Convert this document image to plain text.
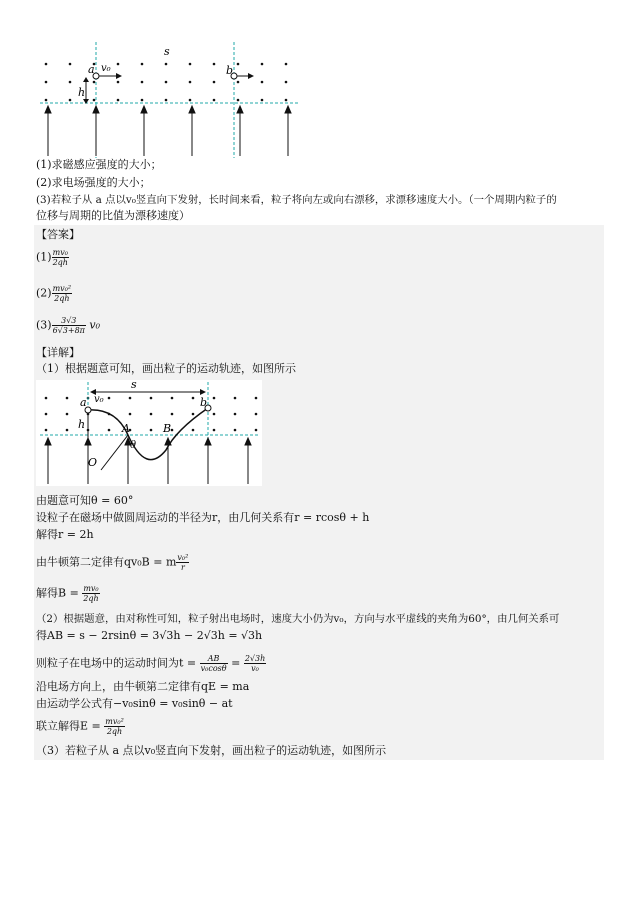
s
a v₀	b
h
(1)求磁感应强度的大小；
(2)求电场强度的大小；
(3)若粒子从 a 点以v₀竖直向下发射，长时间来看，粒子将向左或向右漂移，求漂移速度大小。（一个周期内粒子的
位移与周期的比值为漂移速度）
【答案】
$(1) \frac{\text{mv₀}}{2qh}$
$(2) \frac{\text{mv₀²}}{2qh}$
$(3) \frac{3√3}{6√3+8\pi} v_0$
【详解】
（1）根据题意可知，画出粒子的运动轨迹，如图所示
s
a v₀	b
h	A	B
θ
O
由题意可知θ = 60°
设粒子在磁场中做圆周运动的半径为r，由几何关系有r = rcosθ + h
解得r = 2h
由牛顿第二定律有qv₀B = m $\frac{\text{v₀²}}{r}$
解得$B = \frac{\text{mv₀}}{2qh}$
（2）根据题意，由对称性可知，粒子射出电场时，速度大小仍为v₀，方向与水平虚线的夹角为60°，由几何关系可
得AB = s − 2rsinθ = 3√3h − 2√3h = √3h
则粒子在电场中的运动时间为$t = \frac{AB}{\text{v₀cosθ}} = \frac{2√3h}{\text{v₀}}$
沿电场方向上，由牛顿第二定律有qE = ma
由运动学公式有−v₀sinθ = v₀sinθ − at
联立解得$E = \frac{\text{mv₀²}}{2qh}$
（3）若粒子从 a 点以v₀竖直向下发射，画出粒子的运动轨迹，如图所示
